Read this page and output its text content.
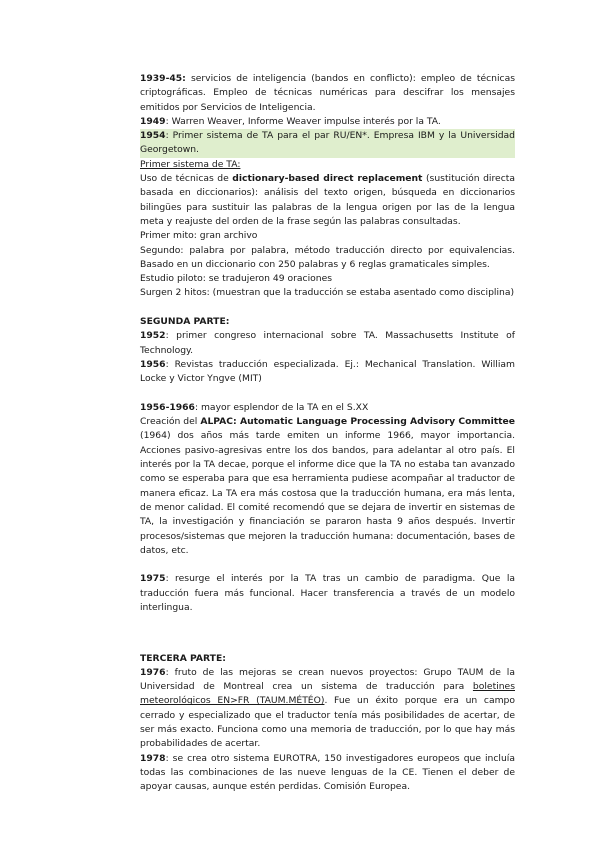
1939-45: servicios de inteligencia (bandos en conflicto): empleo de técnicas criptográficas. Empleo de técnicas numéricas para descifrar los mensajes emitidos por Servicios de Inteligencia.

1949: Warren Weaver, Informe Weaver impulse interés por la TA.

1954: Primer sistema de TA para el par RU/EN*. Empresa IBM y la Universidad Georgetown.

Primer sistema de TA:

Uso de técnicas de dictionary-based direct replacement (sustitución directa basada en diccionarios): análisis del texto origen, búsqueda en diccionarios bilingües para sustituir las palabras de la lengua origen por las de la lengua meta y reajuste del orden de la frase según las palabras consultadas.

Primer mito: gran archivo

Segundo: palabra por palabra, método traducción directo por equivalencias. Basado en un diccionario con 250 palabras y 6 reglas gramaticales simples.

Estudio piloto: se tradujeron 49 oraciones

Surgen 2 hitos: (muestran que la traducción se estaba asentado como disciplina)

SEGUNDA PARTE:

1952: primer congreso internacional sobre TA. Massachusetts Institute of Technology.

1956: Revistas traducción especializada. Ej.: Mechanical Translation. William Locke y Victor Yngve (MIT)

1956-1966: mayor esplendor de la TA en el S.XX

Creación del ALPAC: Automatic Language Processing Advisory Committee (1964) dos años más tarde emiten un informe 1966, mayor importancia. Acciones pasivo-agresivas entre los dos bandos, para adelantar al otro país. El interés por la TA decae, porque el informe dice que la TA no estaba tan avanzado como se esperaba para que esa herramienta pudiese acompañar al traductor de manera eficaz. La TA era más costosa que la traducción humana, era más lenta, de menor calidad. El comité recomendó que se dejara de invertir en sistemas de TA, la investigación y financiación se pararon hasta 9 años después. Invertir procesos/sistemas que mejoren la traducción humana: documentación, bases de datos, etc.

1975: resurge el interés por la TA tras un cambio de paradigma. Que la traducción fuera más funcional. Hacer transferencia a través de un modelo interlingua.

TERCERA PARTE:

1976: fruto de las mejoras se crean nuevos proyectos: Grupo TAUM de la Universidad de Montreal crea un sistema de traducción para boletines meteorológicos EN>FR (TAUM.MÉTÉO). Fue un éxito porque era un campo cerrado y especializado que el traductor tenía más posibilidades de acertar, de ser más exacto. Funciona como una memoria de traducción, por lo que hay más probabilidades de acertar.

1978: se crea otro sistema EUROTRA, 150 investigadores europeos que incluía todas las combinaciones de las nueve lenguas de la CE. Tienen el deber de apoyar causas, aunque estén perdidas. Comisión Europea.
